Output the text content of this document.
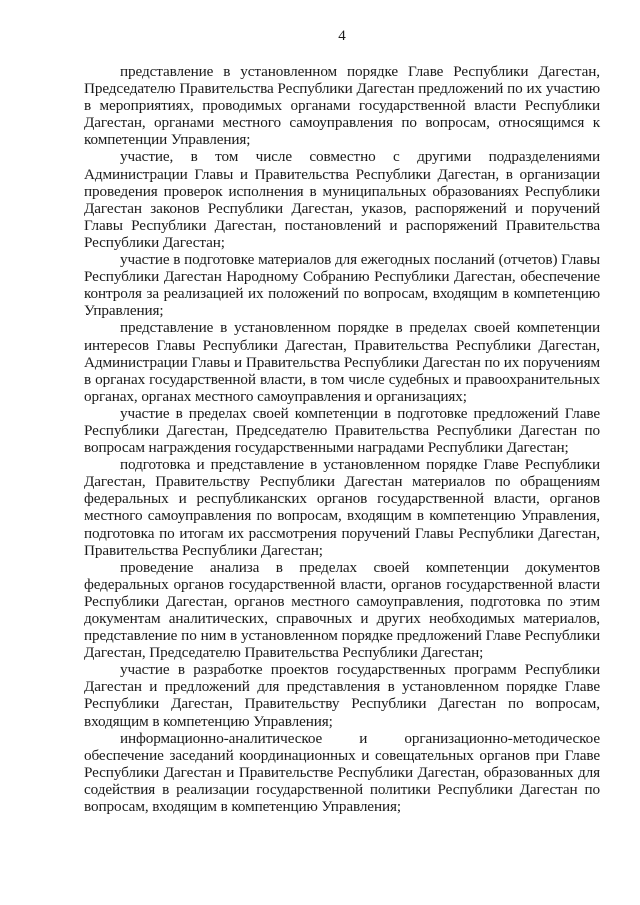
4

представление в установленном порядке Главе Республики Дагестан, Председателю Правительства Республики Дагестан предложений по их участию в мероприятиях, проводимых органами государственной власти Республики Дагестан, органами местного самоуправления по вопросам, относящимся к компетенции Управления;

участие, в том числе совместно с другими подразделениями Администрации Главы и Правительства Республики Дагестан, в организации проведения проверок исполнения в муниципальных образованиях Республики Дагестан законов Республики Дагестан, указов, распоряжений и поручений Главы Республики Дагестан, постановлений и распоряжений Правительства Республики Дагестан;

участие в подготовке материалов для ежегодных посланий (отчетов) Главы Республики Дагестан Народному Собранию Республики Дагестан, обеспечение контроля за реализацией их положений по вопросам, входящим в компетенцию Управления;

представление в установленном порядке в пределах своей компетенции интересов Главы Республики Дагестан, Правительства Республики Дагестан, Администрации Главы и Правительства Республики Дагестан по их поручениям в органах государственной власти, в том числе судебных и правоохранительных органах, органах местного самоуправления и организациях;

участие в пределах своей компетенции в подготовке предложений Главе Республики Дагестан, Председателю Правительства Республики Дагестан по вопросам награждения государственными наградами Республики Дагестан;

подготовка и представление в установленном порядке Главе Республики Дагестан, Правительству Республики Дагестан материалов по обращениям федеральных и республиканских органов государственной власти, органов местного самоуправления по вопросам, входящим в компетенцию Управления, подготовка по итогам их рассмотрения поручений Главы Республики Дагестан, Правительства Республики Дагестан;

проведение анализа в пределах своей компетенции документов федеральных органов государственной власти, органов государственной власти Республики Дагестан, органов местного самоуправления, подготовка по этим документам аналитических, справочных и других необходимых материалов, представление по ним в установленном порядке предложений Главе Республики Дагестан, Председателю Правительства Республики Дагестан;

участие в разработке проектов государственных программ Республики Дагестан и предложений для представления в установленном порядке Главе Республики Дагестан, Правительству Республики Дагестан по вопросам, входящим в компетенцию Управления;

информационно-аналитическое и организационно-методическое обеспечение заседаний координационных и совещательных органов при Главе Республики Дагестан и Правительстве Республики Дагестан, образованных для содействия в реализации государственной политики Республики Дагестан по вопросам, входящим в компетенцию Управления;
